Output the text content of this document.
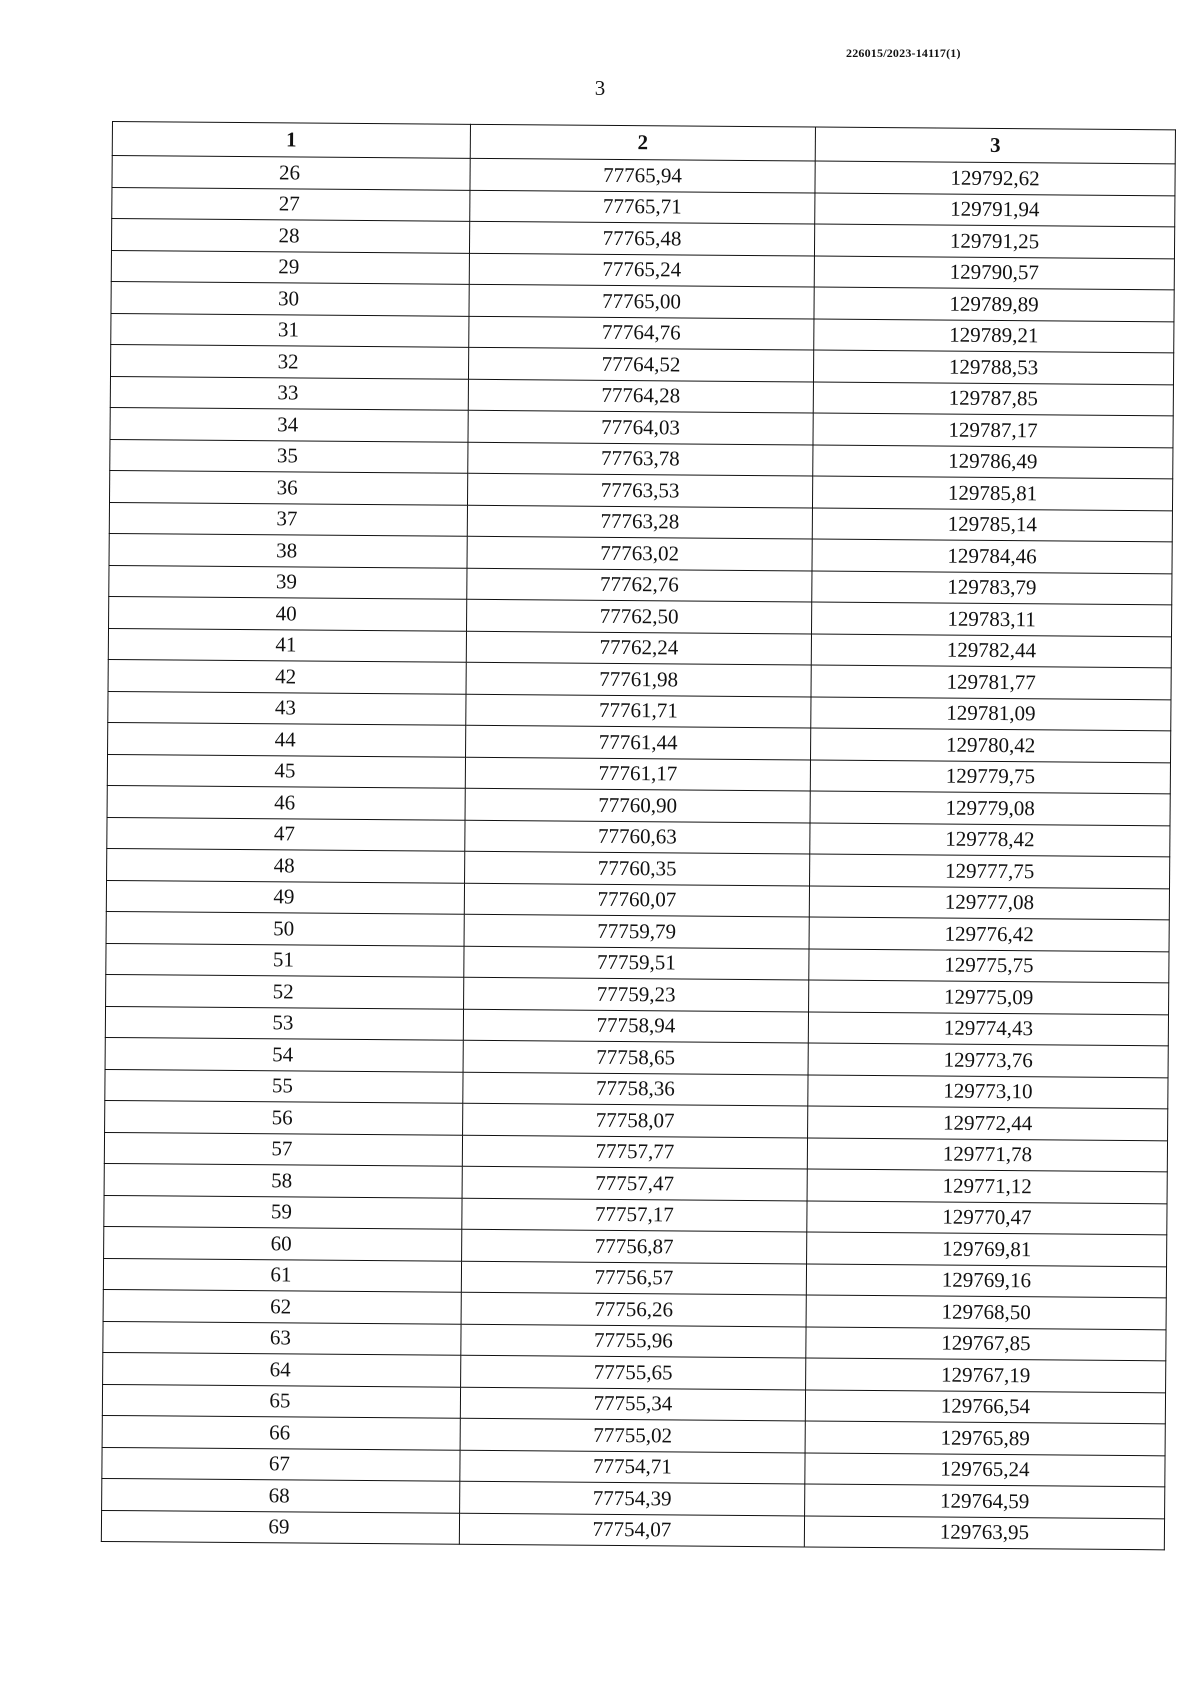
226015/2023-14117(1)
3
1	2	3
26	77765,94	129792,62
27	77765,71	129791,94
28	77765,48	129791,25
29	77765,24	129790,57
30	77765,00	129789,89
31	77764,76	129789,21
32	77764,52	129788,53
33	77764,28	129787,85
34	77764,03	129787,17
35	77763,78	129786,49
36	77763,53	129785,81
37	77763,28	129785,14
38	77763,02	129784,46
39	77762,76	129783,79
40	77762,50	129783,11
41	77762,24	129782,44
42	77761,98	129781,77
43	77761,71	129781,09
44	77761,44	129780,42
45	77761,17	129779,75
46	77760,90	129779,08
47	77760,63	129778,42
48	77760,35	129777,75
49	77760,07	129777,08
50	77759,79	129776,42
51	77759,51	129775,75
52	77759,23	129775,09
53	77758,94	129774,43
54	77758,65	129773,76
55	77758,36	129773,10
56	77758,07	129772,44
57	77757,77	129771,78
58	77757,47	129771,12
59	77757,17	129770,47
60	77756,87	129769,81
61	77756,57	129769,16
62	77756,26	129768,50
63	77755,96	129767,85
64	77755,65	129767,19
65	77755,34	129766,54
66	77755,02	129765,89
67	77754,71	129765,24
68	77754,39	129764,59
69	77754,07	129763,95
